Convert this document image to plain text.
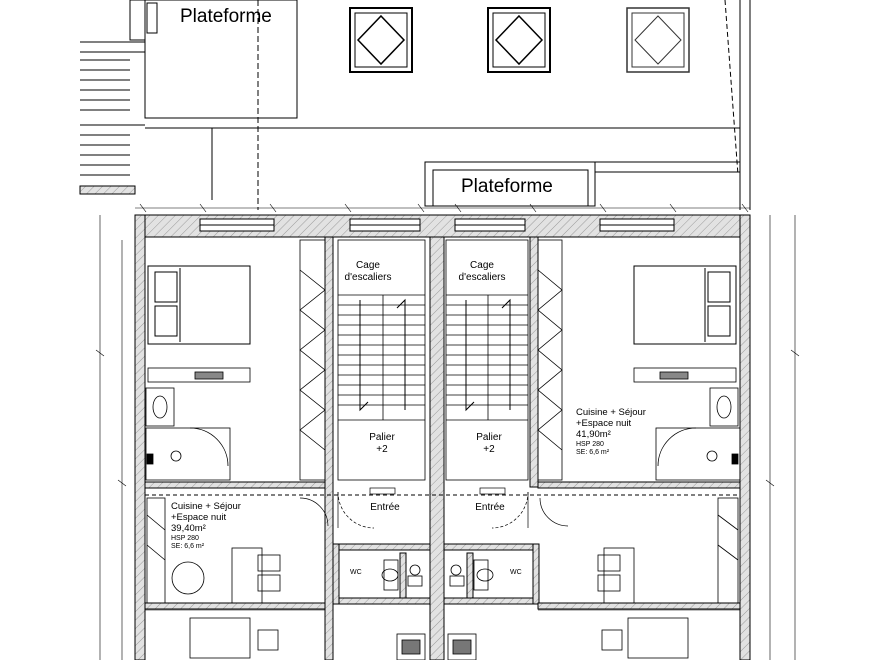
Plateforme
Plateforme
Cage
d'escaliers
Cage
d'escaliers
Palier
+2
Palier
+2
Entrée	Entrée
WC	WC
Cuisine + Séjour
+Espace nuit
41,90m²
HSP 280
SE: 6,6 m²
Cuisine + Séjour
+Espace nuit
39,40m²
HSP 280
SE: 6,6 m²
